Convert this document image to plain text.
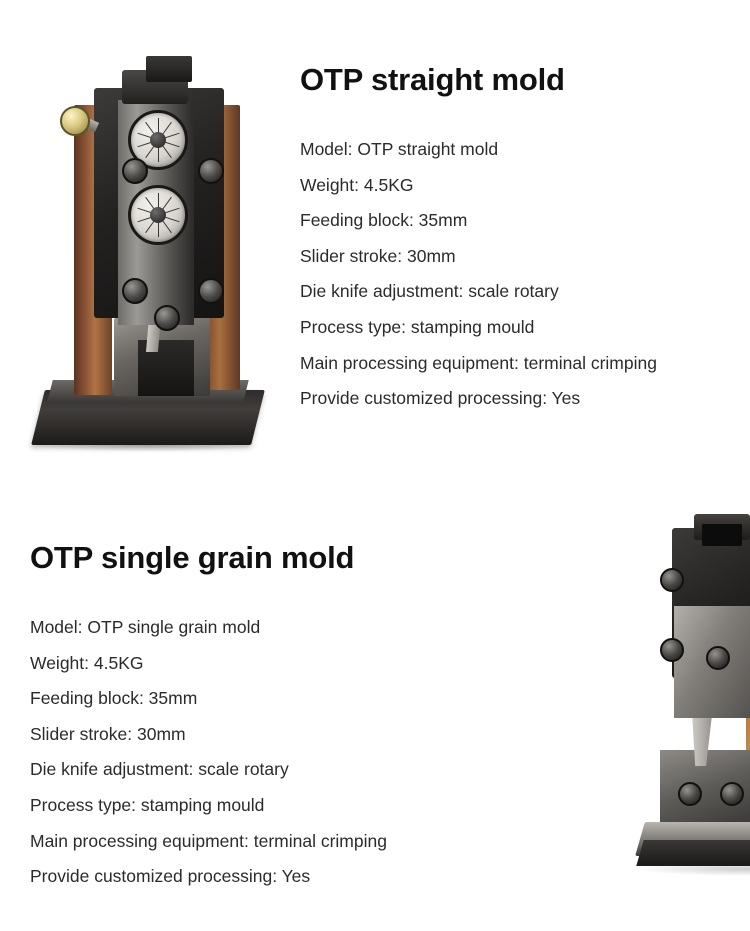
OTP straight mold
Model: OTP straight mold
Weight: 4.5KG
Feeding block: 35mm
Slider stroke: 30mm
Die knife adjustment: scale rotary
Process type: stamping mould
Main processing equipment: terminal crimping
Provide customized processing: Yes
OTP single grain mold
Model: OTP single grain mold
Weight: 4.5KG
Feeding block: 35mm
Slider stroke: 30mm
Die knife adjustment: scale rotary
Process type: stamping mould
Main processing equipment: terminal crimping
Provide customized processing: Yes
